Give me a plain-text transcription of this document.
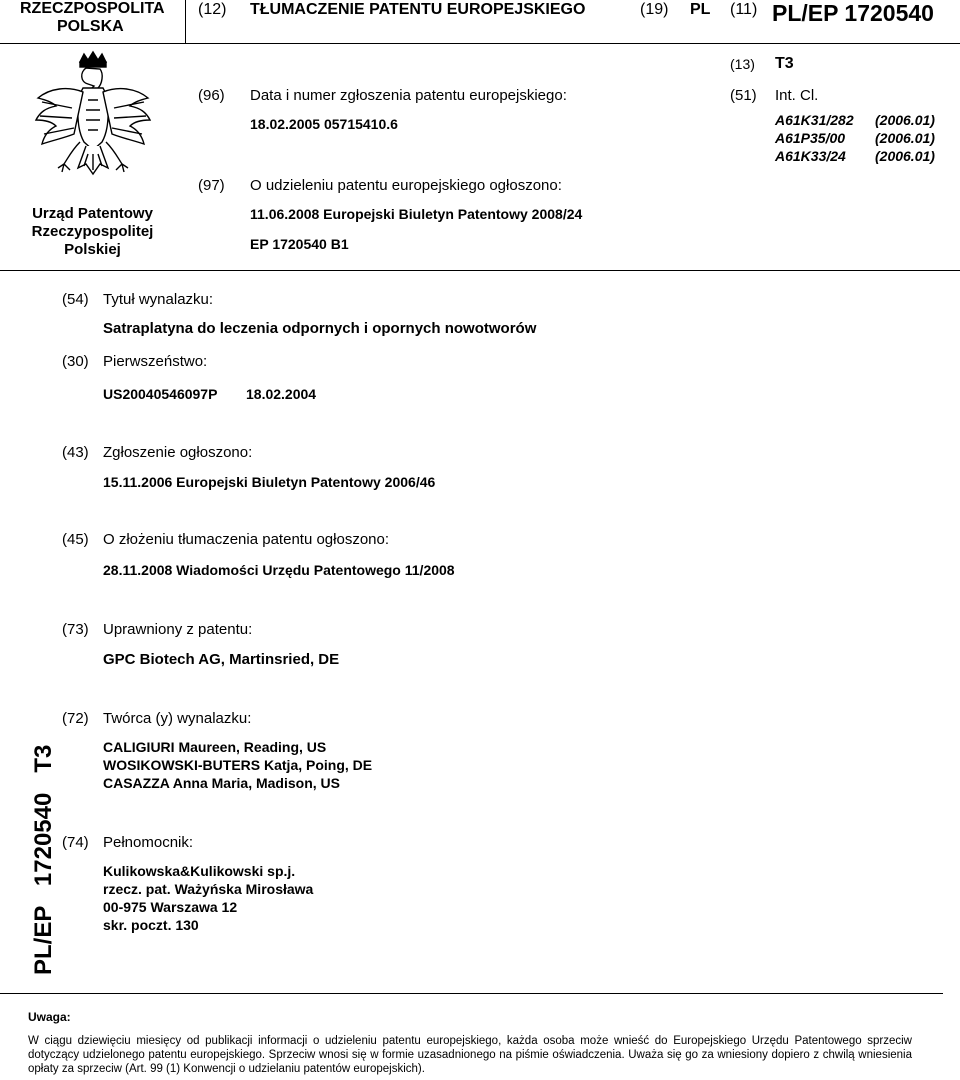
RZECZPOSPOLITA
POLSKA
(12) TŁUMACZENIE PATENTU EUROPEJSKIEGO	(19) PL (11) PL/EP 1720540
Urząd Patentowy
Rzeczypospolitej
Polskiej
(13) T3
(96) Data i numer zgłoszenia patentu europejskiego:
18.02.2005 05715410.6
(51) Int. Cl.
A61K31/282 (2006.01)
A61P35/00 (2006.01)
A61K33/24 (2006.01)
(97) O udzieleniu patentu europejskiego ogłoszono:
11.06.2008 Europejski Biuletyn Patentowy 2008/24
EP 1720540 B1
(54) Tytuł wynalazku:
Satraplatyna do leczenia odpornych i opornych nowotworów
(30) Pierwszeństwo:
US20040546097P 18.02.2004
(43) Zgłoszenie ogłoszono:
15.11.2006 Europejski Biuletyn Patentowy 2006/46
(45) O złożeniu tłumaczenia patentu ogłoszono:
28.11.2008 Wiadomości Urzędu Patentowego 11/2008
(73) Uprawniony z patentu:
GPC Biotech AG, Martinsried, DE
(72) Twórca (y) wynalazku:
CALIGIURI Maureen, Reading, US
WOSIKOWSKI-BUTERS Katja, Poing, DE
CASAZZA Anna Maria, Madison, US
(74) Pełnomocnik:
Kulikowska&Kulikowski sp.j.
rzecz. pat. Ważyńska Mirosława
00-975 Warszawa 12
skr. poczt. 130
PL/EP   1720540   T3
Uwaga:
W ciągu dziewięciu miesięcy od publikacji informacji o udzieleniu patentu europejskiego, każda osoba może wnieść do Europejskiego Urzędu Patentowego sprzeciw dotyczący udzielonego patentu europejskiego. Sprzeciw wnosi się w formie uzasadnionego na piśmie oświadczenia. Uważa się go za wniesiony dopiero z chwilą wniesienia opłaty za sprzeciw (Art. 99 (1) Konwencji o udzielaniu patentów europejskich).
